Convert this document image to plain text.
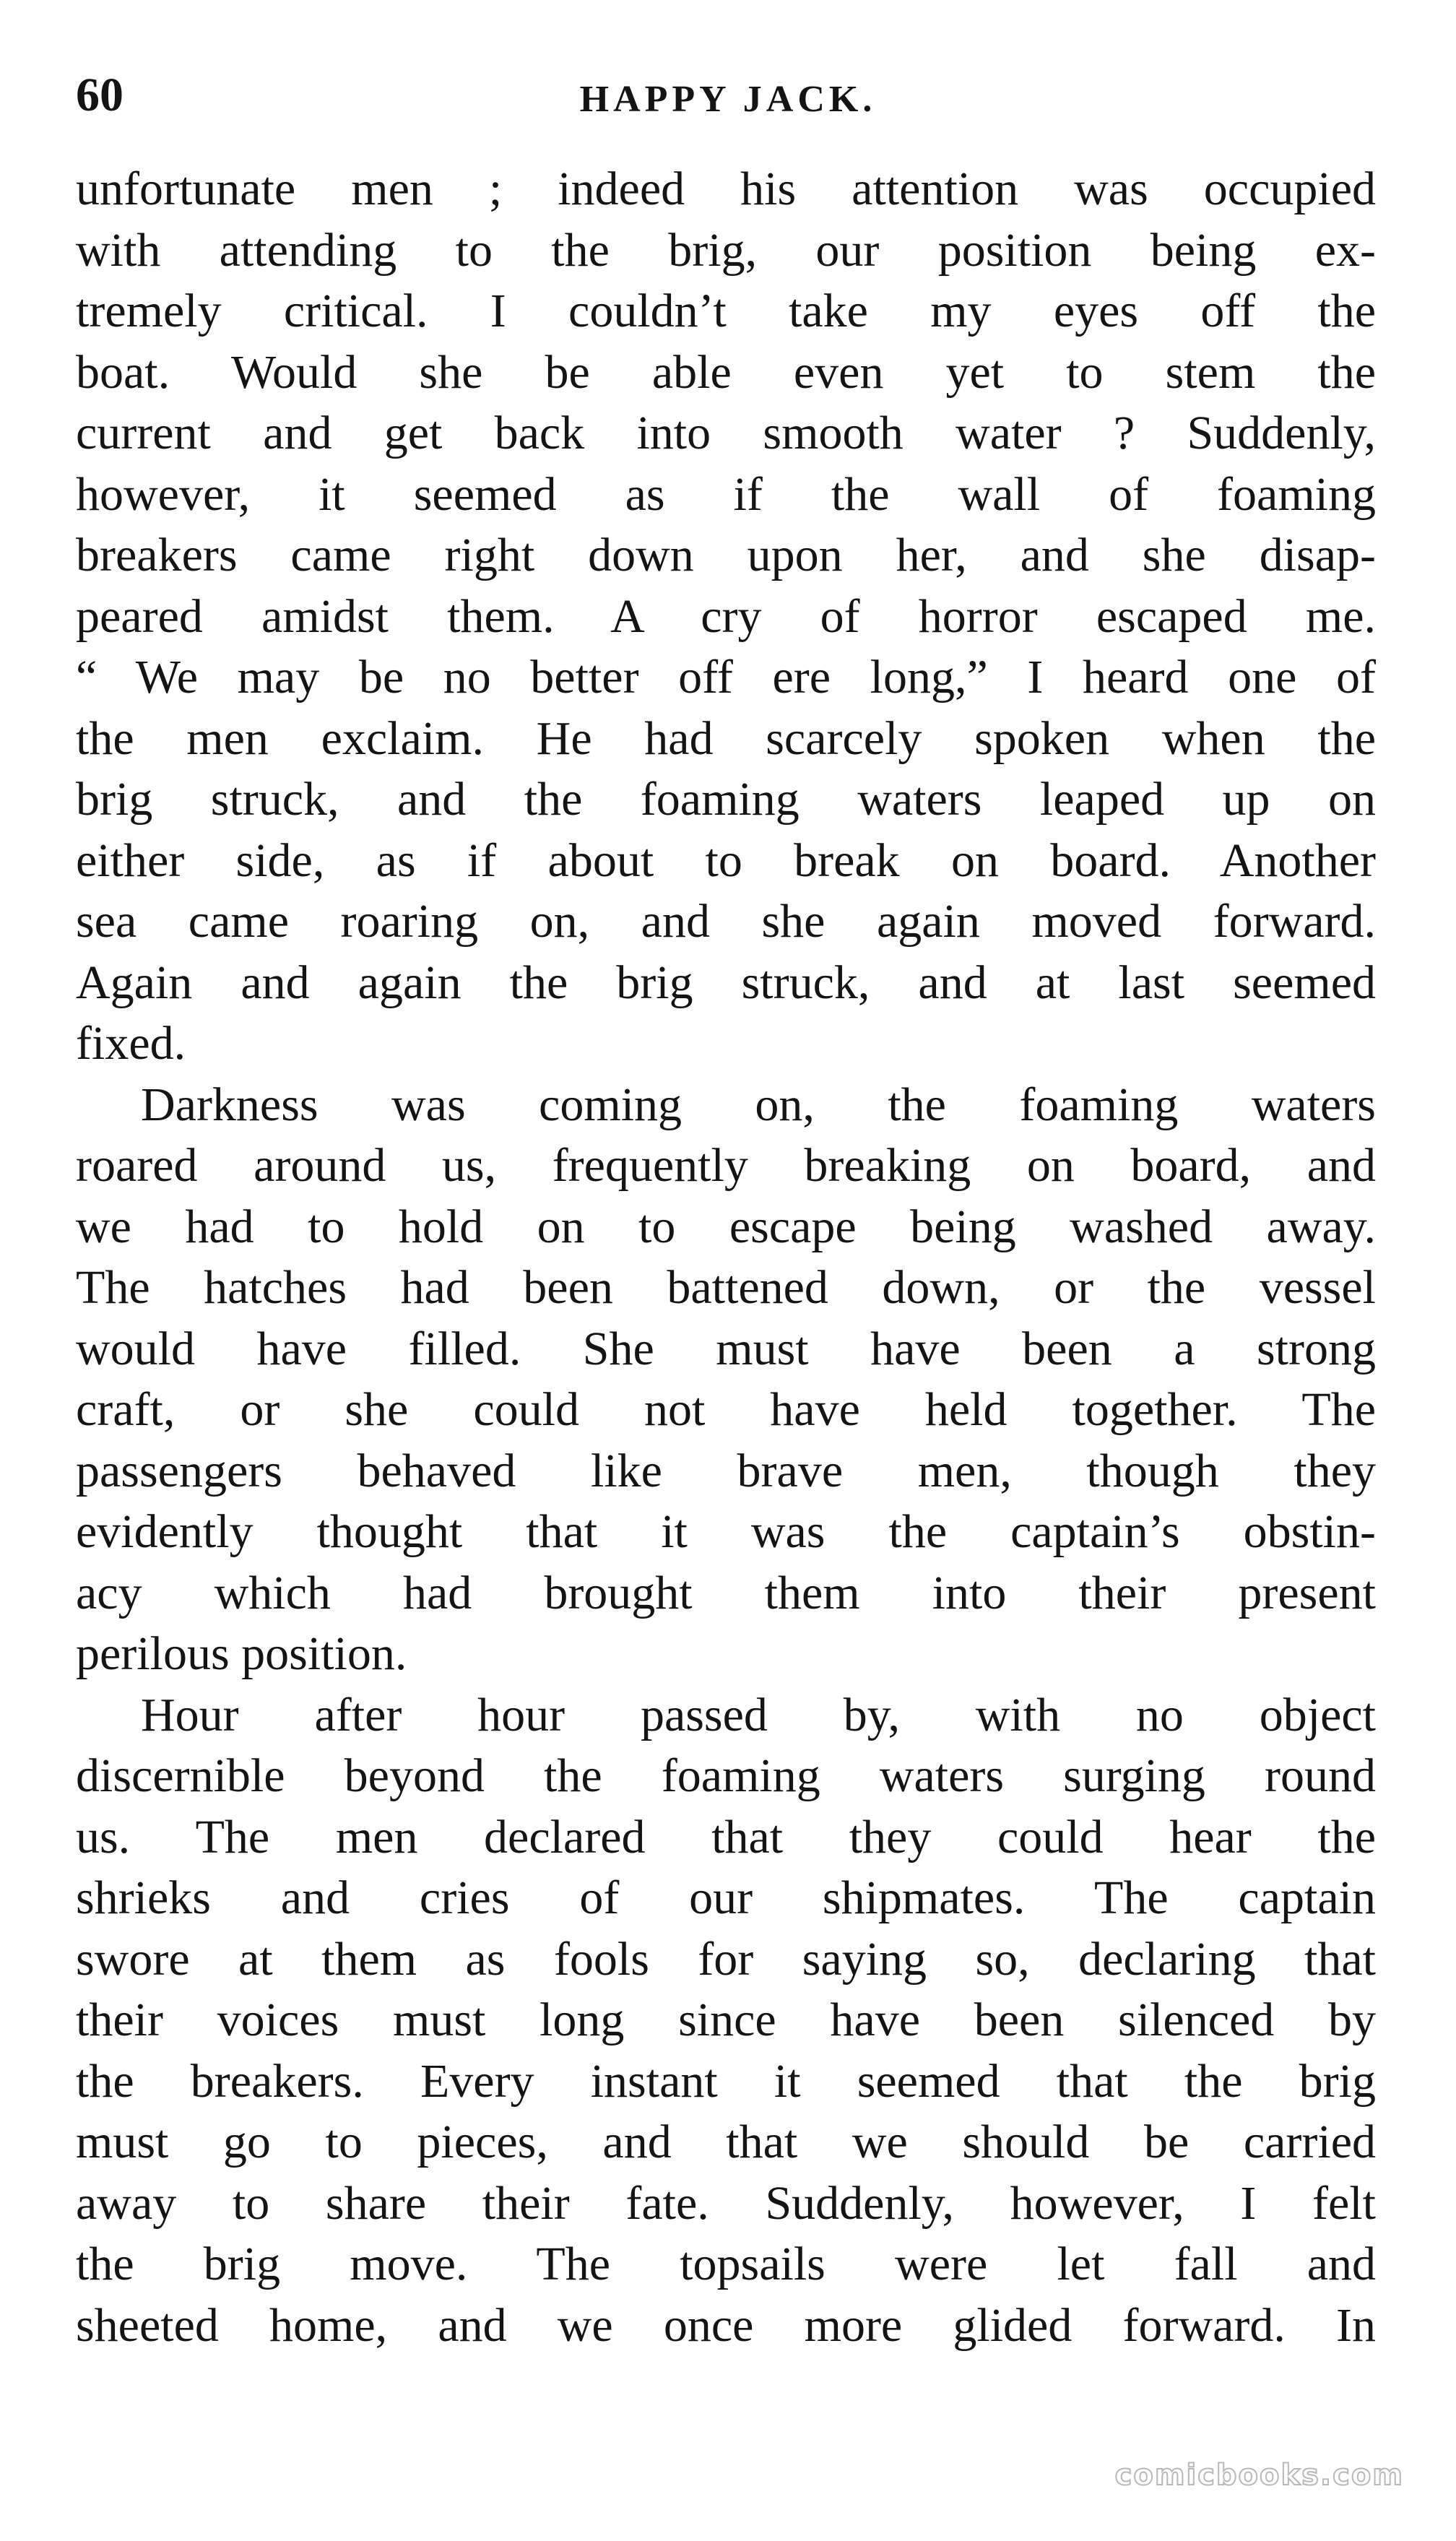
60	HAPPY JACK.
unfortunate men ; indeed his attention was occupied
with attending to the brig, our position being ex-
tremely critical. I couldn’t take my eyes off the
boat. Would she be able even yet to stem the
current and get back into smooth water ? Suddenly,
however, it seemed as if the wall of foaming
breakers came right down upon her, and she disap-
peared amidst them. A cry of horror escaped me.
“ We may be no better off ere long,” I heard one of
the men exclaim. He had scarcely spoken when the
brig struck, and the foaming waters leaped up on
either side, as if about to break on board. Another
sea came roaring on, and she again moved forward.
Again and again the brig struck, and at last seemed
fixed.
Darkness was coming on, the foaming waters
roared around us, frequently breaking on board, and
we had to hold on to escape being washed away.
The hatches had been battened down, or the vessel
would have filled. She must have been a strong
craft, or she could not have held together. The
passengers behaved like brave men, though they
evidently thought that it was the captain’s obstin-
acy which had brought them into their present
perilous position.
Hour after hour passed by, with no object
discernible beyond the foaming waters surging round
us. The men declared that they could hear the
shrieks and cries of our shipmates. The captain
swore at them as fools for saying so, declaring that
their voices must long since have been silenced by
the breakers. Every instant it seemed that the brig
must go to pieces, and that we should be carried
away to share their fate. Suddenly, however, I felt
the brig move. The topsails were let fall and
sheeted home, and we once more glided forward. In
comicbooks.com
